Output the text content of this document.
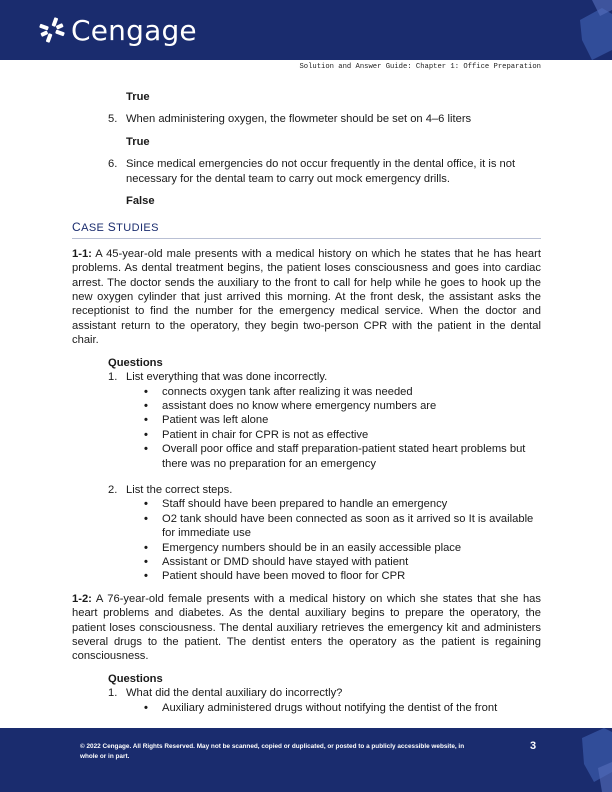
Cengage
Solution and Answer Guide: Chapter 1: Office Preparation
True
5. When administering oxygen, the flowmeter should be set on 4–6 liters
True
6. Since medical emergencies do not occur frequently in the dental office, it is not necessary for the dental team to carry out mock emergency drills.
False
CASE STUDIES

1-1: A 45-year-old male presents with a medical history on which he states that he has heart problems. As dental treatment begins, the patient loses consciousness and goes into cardiac arrest. The doctor sends the auxiliary to the front to call for help while he goes to hook up the new oxygen cylinder that just arrived this morning. At the front desk, the assistant asks the receptionist to find the number for the emergency medical service. When the doctor and assistant return to the operatory, they begin two-person CPR with the patient in the dental chair.

Questions
1. List everything that was done incorrectly.
•	connects oxygen tank after realizing it was needed
•	assistant does no know where emergency numbers are
•	Patient was left alone
•	Patient in chair for CPR is not as effective
•	Overall poor office and staff preparation-patient stated heart problems but there was no preparation for an emergency
2. List the correct steps.
•	Staff should have been prepared to handle an emergency
•	O2 tank should have been connected as soon as it arrived so It is available for immediate use
•	Emergency numbers should be in an easily accessible place
•	Assistant or DMD should have stayed with patient
•	Patient should have been moved to floor for CPR

1-2: A 76-year-old female presents with a medical history on which she states that she has heart problems and diabetes. As the dental auxiliary begins to prepare the operatory, the patient loses consciousness. The dental auxiliary retrieves the emergency kit and administers several drugs to the patient. The dentist enters the operatory as the patient is regaining consciousness.

Questions
1. What did the dental auxiliary do incorrectly?
•	Auxiliary administered drugs without notifying the dentist of the front
© 2022 Cengage. All Rights Reserved. May not be scanned, copied or duplicated, or posted to a publicly accessible website, in whole or in part.
3
